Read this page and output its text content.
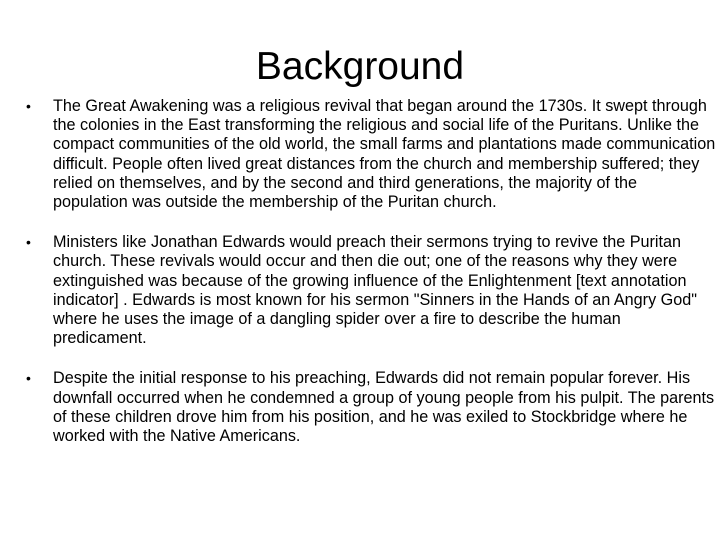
Background
• The Great Awakening was a religious revival that began around the 1730s. It swept through the colonies in the East transforming the religious and social life of the Puritans. Unlike the compact communities of the old world, the small farms and plantations made communication difficult. People often lived great distances from the church and membership suffered; they relied on themselves, and by the second and third generations, the majority of the population was outside the membership of the Puritan church.
• Ministers like Jonathan Edwards would preach their sermons trying to revive the Puritan church. These revivals would occur and then die out; one of the reasons why they were extinguished was because of the growing influence of the Enlightenment [text annotation indicator] . Edwards is most known for his sermon "Sinners in the Hands of an Angry God" where he uses the image of a dangling spider over a fire to describe the human predicament.
• Despite the initial response to his preaching, Edwards did not remain popular forever. His downfall occurred when he condemned a group of young people from his pulpit. The parents of these children drove him from his position, and he was exiled to Stockbridge where he worked with the Native Americans.
